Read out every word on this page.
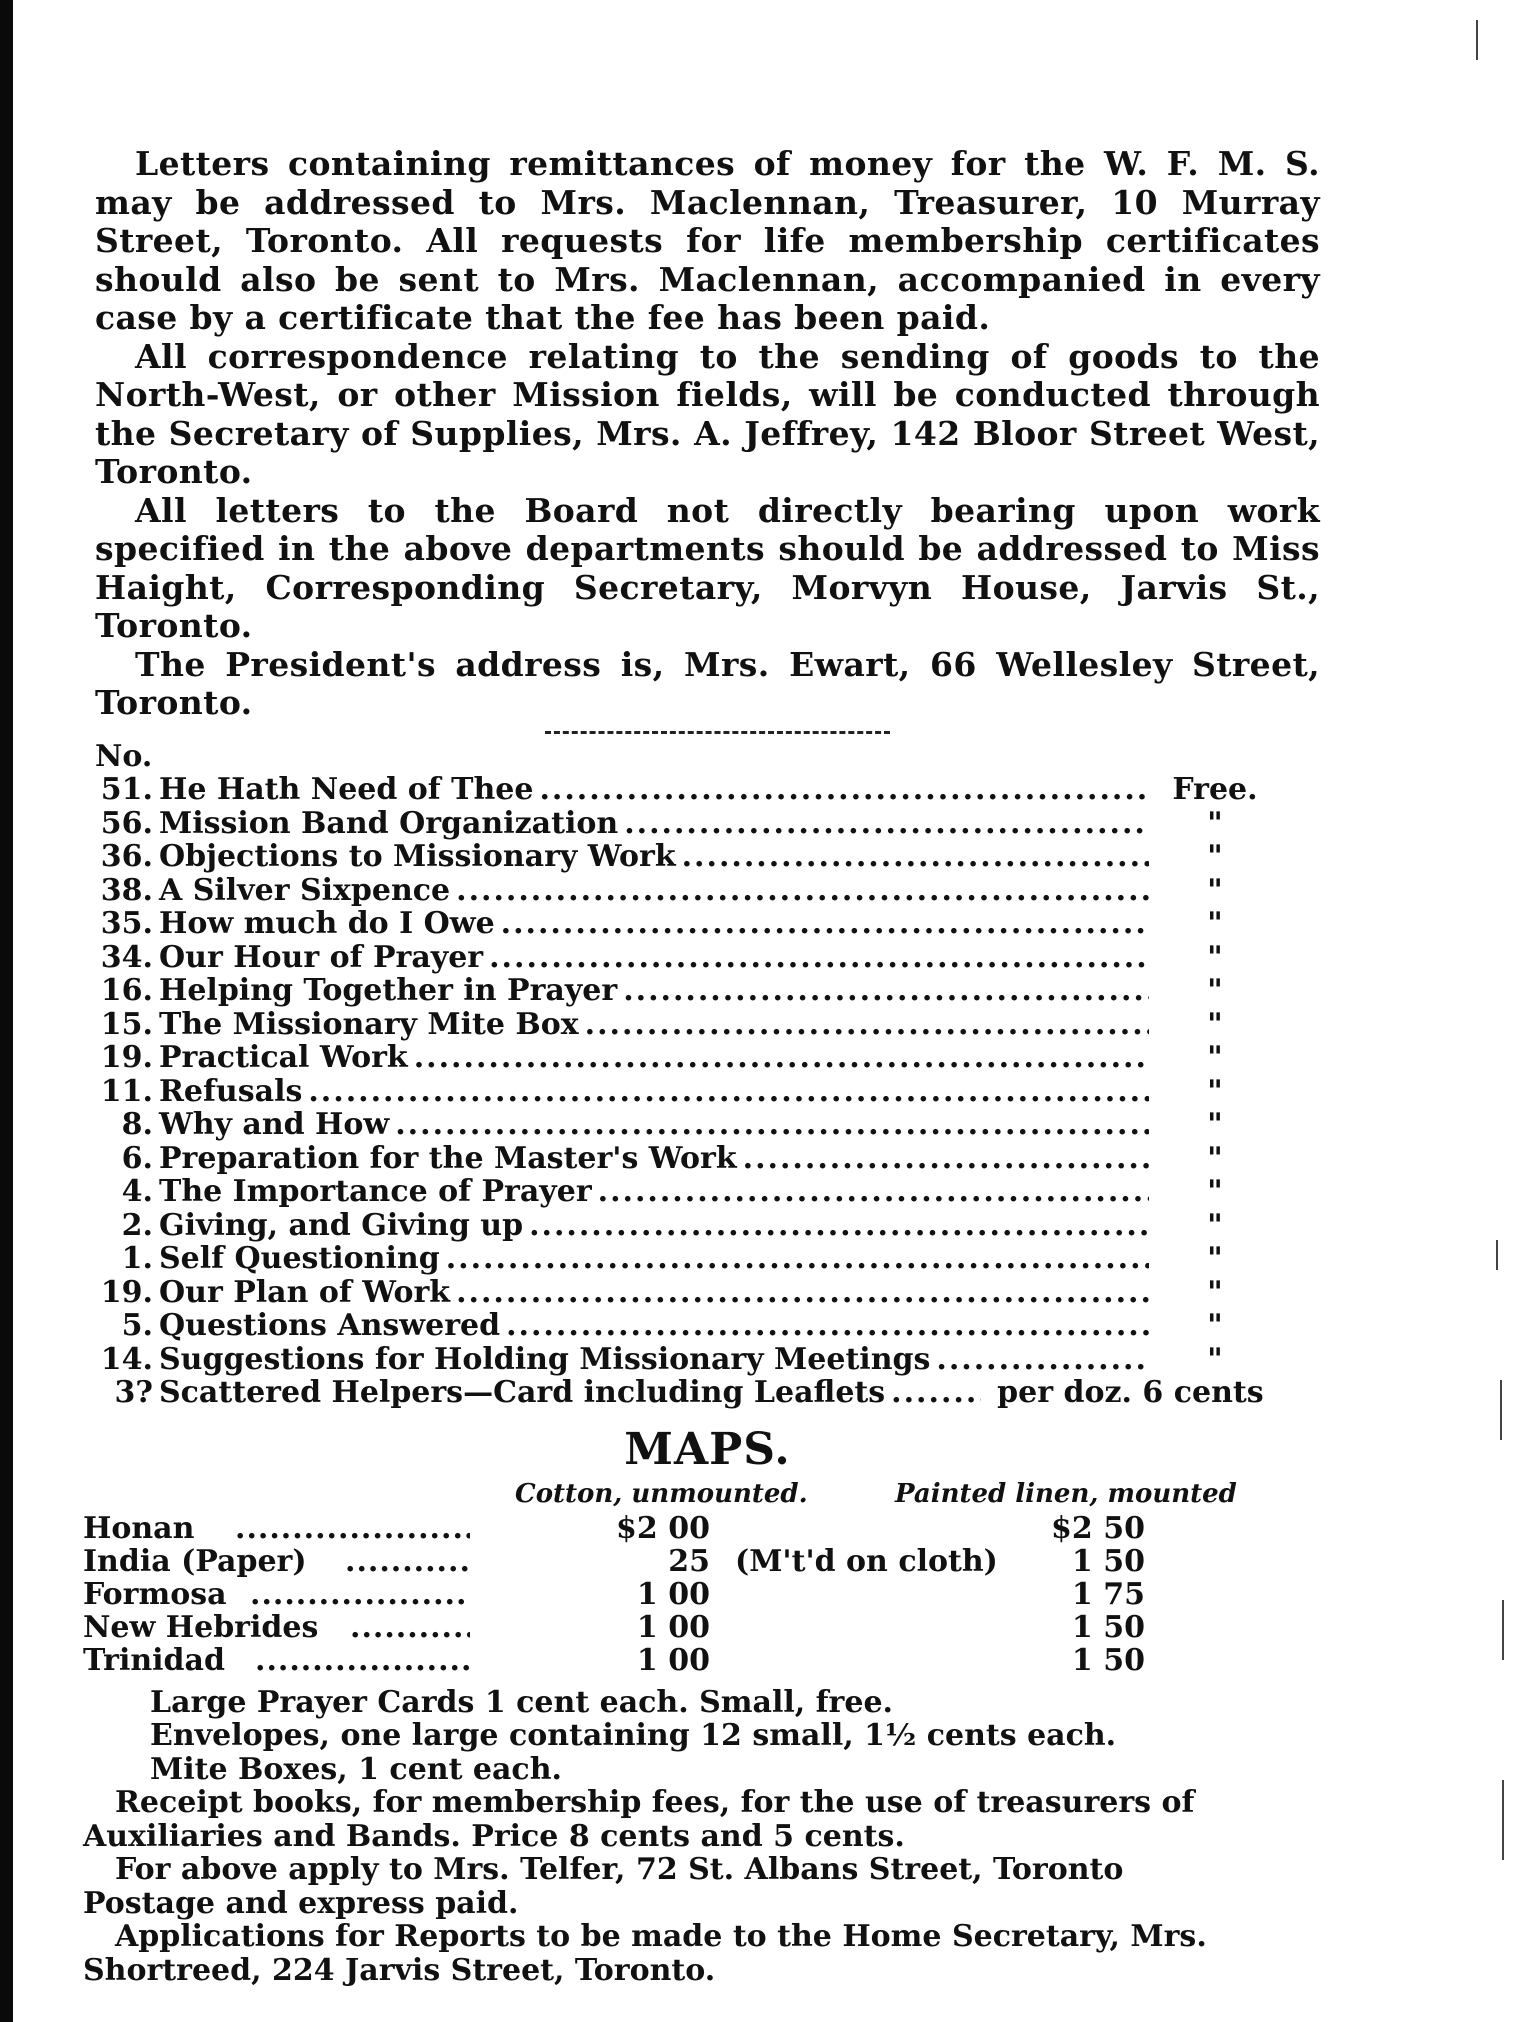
Letters containing remittances of money for the W. F. M. S. may be addressed to Mrs. Maclennan, Treasurer, 10 Murray Street, Toronto. All requests for life membership certificates should also be sent to Mrs. Maclennan, accompanied in every case by a certificate that the fee has been paid.

All correspondence relating to the sending of goods to the North-West, or other Mission fields, will be conducted through the Secretary of Supplies, Mrs. A. Jeffrey, 142 Bloor Street West, Toronto.

All letters to the Board not directly bearing upon work specified in the above departments should be addressed to Miss Haight, Corresponding Secretary, Morvyn House, Jarvis St., Toronto.

The President's address is, Mrs. Ewart, 66 Wellesley Street, Toronto.

No.
51. He Hath Need of Thee .....	Free.
56. Mission Band Organization .....	"
36. Objections to Missionary Work .....	"
38. A Silver Sixpence .....	"
35. How much do I Owe .....	"
34. Our Hour of Prayer .....	"
16. Helping Together in Prayer .....	"
15. The Missionary Mite Box .....	"
19. Practical Work .....	"
11. Refusals .....	"
8. Why and How .....	"
6. Preparation for the Master's Work .....	"
4. The Importance of Prayer .....	"
2. Giving, and Giving up .....	"
1. Self Questioning .....	"
19. Our Plan of Work .....	"
5. Questions Answered .....	"
14. Suggestions for Holding Missionary Meetings .....	"
3? Scattered Helpers—Card including Leaflets .....	per doz. 6 cents
MAPS.
Cotton, unmounted.	Painted linen, mounted
Honan .....	$2 00	$2 50
India (Paper) .....	25 (M't'd on cloth)	1 50
Formosa .....	1 00	1 75
New Hebrides .....	1 00	1 50
Trinidad .....	1 00	1 50

Large Prayer Cards 1 cent each. Small, free.

Envelopes, one large containing 12 small, 1½ cents each.

Mite Boxes, 1 cent each.

Receipt books, for membership fees, for the use of treasurers of

Auxiliaries and Bands. Price 8 cents and 5 cents.

For above apply to Mrs. Telfer, 72 St. Albans Street, Toronto

Postage and express paid.

Applications for Reports to be made to the Home Secretary, Mrs.

Shortreed, 224 Jarvis Street, Toronto.
